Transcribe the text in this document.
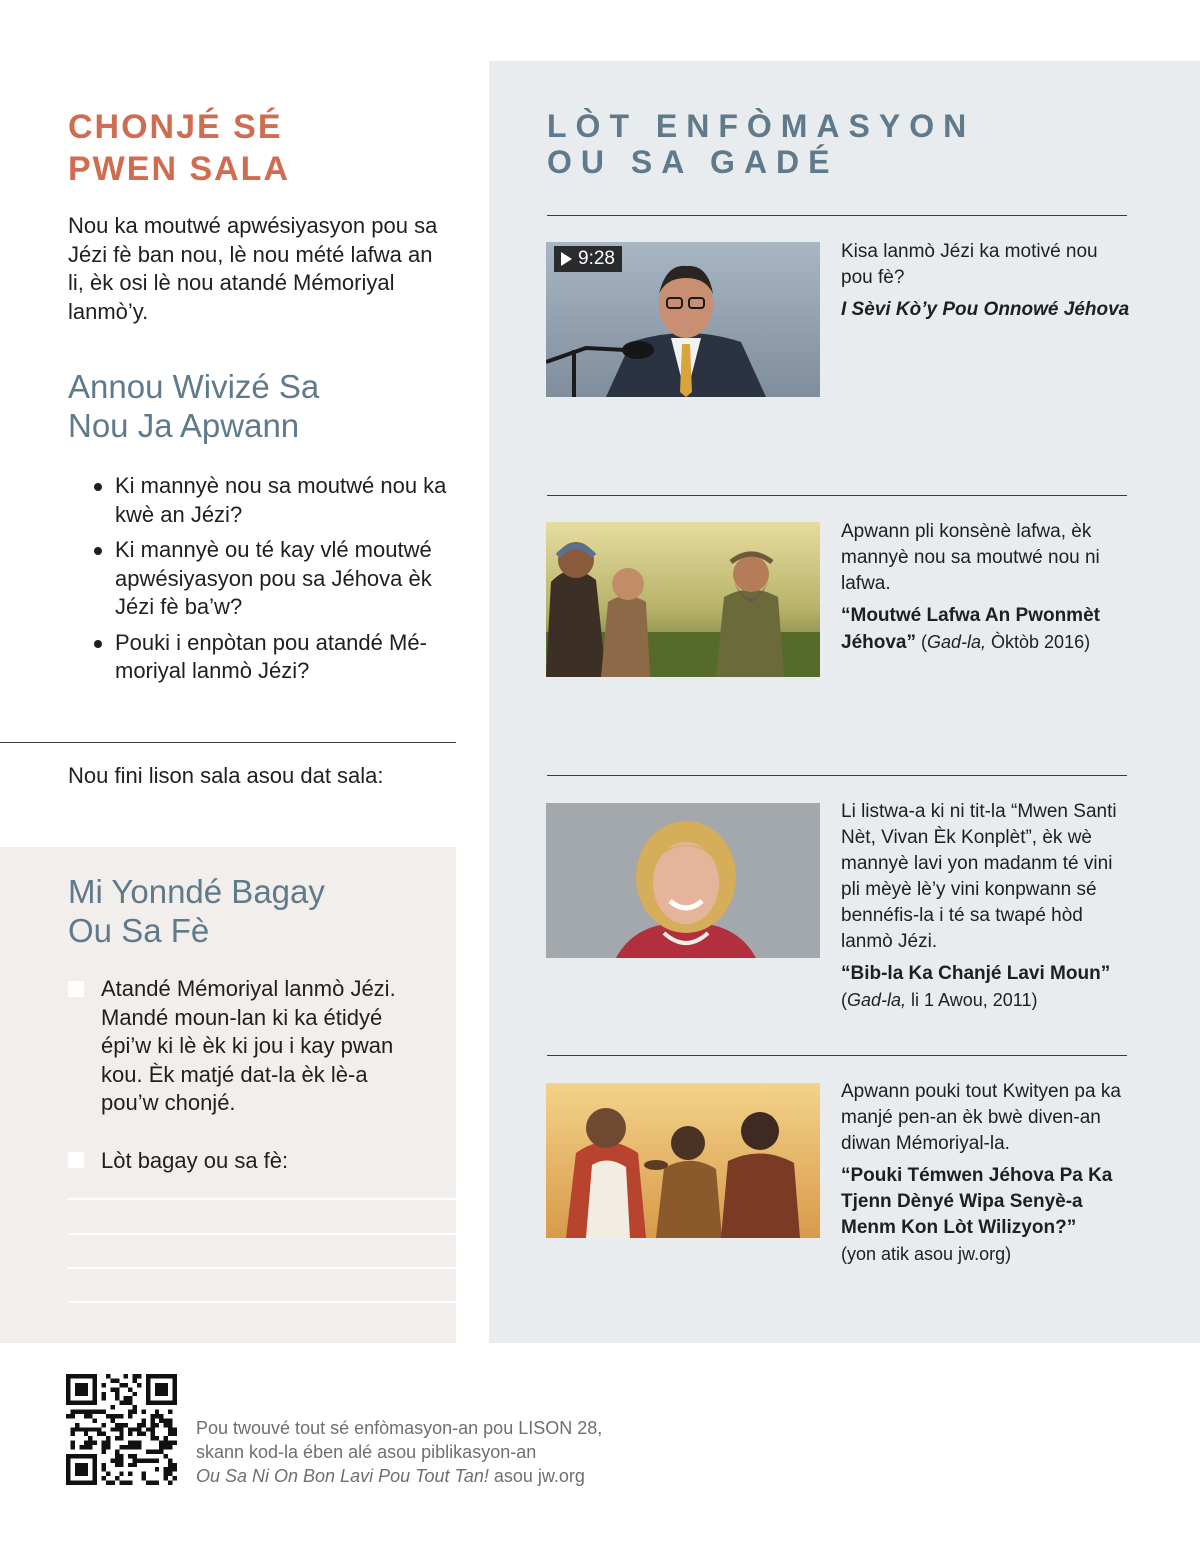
CHONJÉ SÉ
PWEN SALA

Nou ka moutwé apwésiyasyon pou sa Jézi fè ban nou, lè nou mété lafwa an li, èk osi lè nou atandé Mémoriyal lanmò’y.

Annou Wivizé Sa
Nou Ja Apwann
Ki mannyè nou sa moutwé nou ka kwè an Jézi?
Ki mannyè ou té kay vlé moutwé apwésiyasyon pou sa Jéhova èk Jézi fè ba’w?
Pouki i enpòtan pou atandé Mémoriyal lanmò Jézi?

Nou fini lison sala asou dat sala:

Mi Yonndé Bagay
Ou Sa Fè

Atandé Mémoriyal lanmò Jézi. Mandé moun-lan ki ka étidyé épi’w ki lè èk ki jou i kay pwan kou. Èk matjé dat-la èk lè-a pou’w chonjé.

Lòt bagay ou sa fè:

LÒT ENFÒMASYON
OU SA GADÉ
9:28	Kisa lanmò Jézi ka motivé nou pou fè?

I Sèvi Kò’y Pou Onnowé Jéhova

Apwann pli konsènè lafwa, èk mannyè nou sa moutwé nou ni lafwa.

“Moutwé Lafwa An Pwonmèt Jéhova” (Gad-la, Òktòb 2016)

Li listwa-a ki ni tit-la “Mwen Santi Nèt, Vivan Èk Konplèt”, èk wè mannyè lavi yon madanm té vini pli mèyè lè’y vini konpwann sé bennéfis-la i té sa twapé hòd lanmò Jézi.

“Bib-la Ka Chanjé Lavi Moun”

(Gad-la, li 1 Awou, 2011)

Apwann pouki tout Kwityen pa ka manjé pen-an èk bwè diven-an diwan Mémoriyal-la.

“Pouki Témwen Jéhova Pa Ka Tjenn Dènyé Wipa Senyè-a Menm Kon Lòt Wilizyon?”

(yon atik asou jw.org)

Pou twouvé tout sé enfòmasyon-an pou LISON 28,
skann kod-la ében alé asou piblikasyon-an
Ou Sa Ni On Bon Lavi Pou Tout Tan! asou jw.org
